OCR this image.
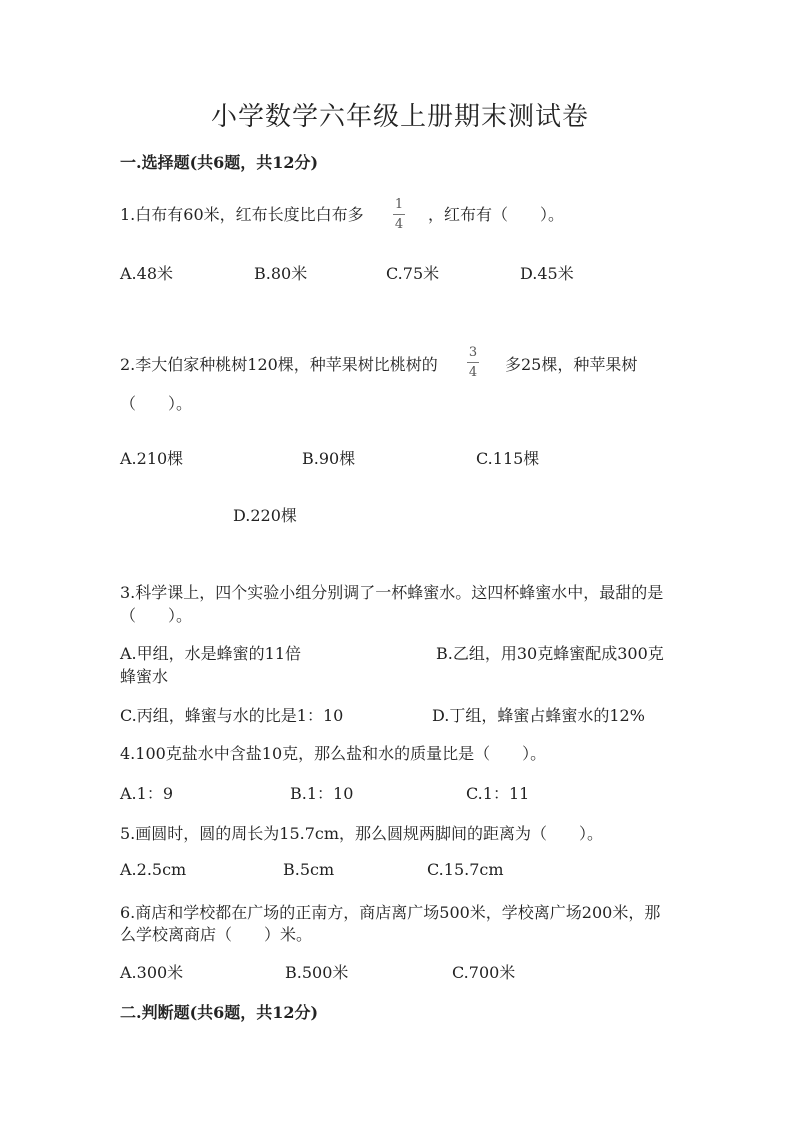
小学数学六年级上册期末测试卷
一.选择题(共6题，共12分)
1.白布有60米，红布长度比白布多
1
4
，红布有（　　）。
A.48米	B.80米	C.75米	D.45米
2.李大伯家种桃树120棵，种苹果树比桃树的
3
4 多25棵，种苹果树
（　　）。
A.210棵	B.90棵	C.115棵
D.220棵
3.科学课上，四个实验小组分别调了一杯蜂蜜水。这四杯蜂蜜水中，最甜的是
（　　）。
A.甲组，水是蜂蜜的11倍	B.乙组，用30克蜂蜜配成300克
蜂蜜水
C.丙组，蜂蜜与水的比是1：10	D.丁组，蜂蜜占蜂蜜水的12%
4.100克盐水中含盐10克，那么盐和水的质量比是（　　）。
A.1：9	B.1：10	C.1：11
5.画圆时，圆的周长为15.7cm，那么圆规两脚间的距离为（　　）。
A.2.5cm	B.5cm	C.15.7cm
6.商店和学校都在广场的正南方，商店离广场500米，学校离广场200米，那
么学校离商店（　　）米。
A.300米	B.500米	C.700米
二.判断题(共6题，共12分)
